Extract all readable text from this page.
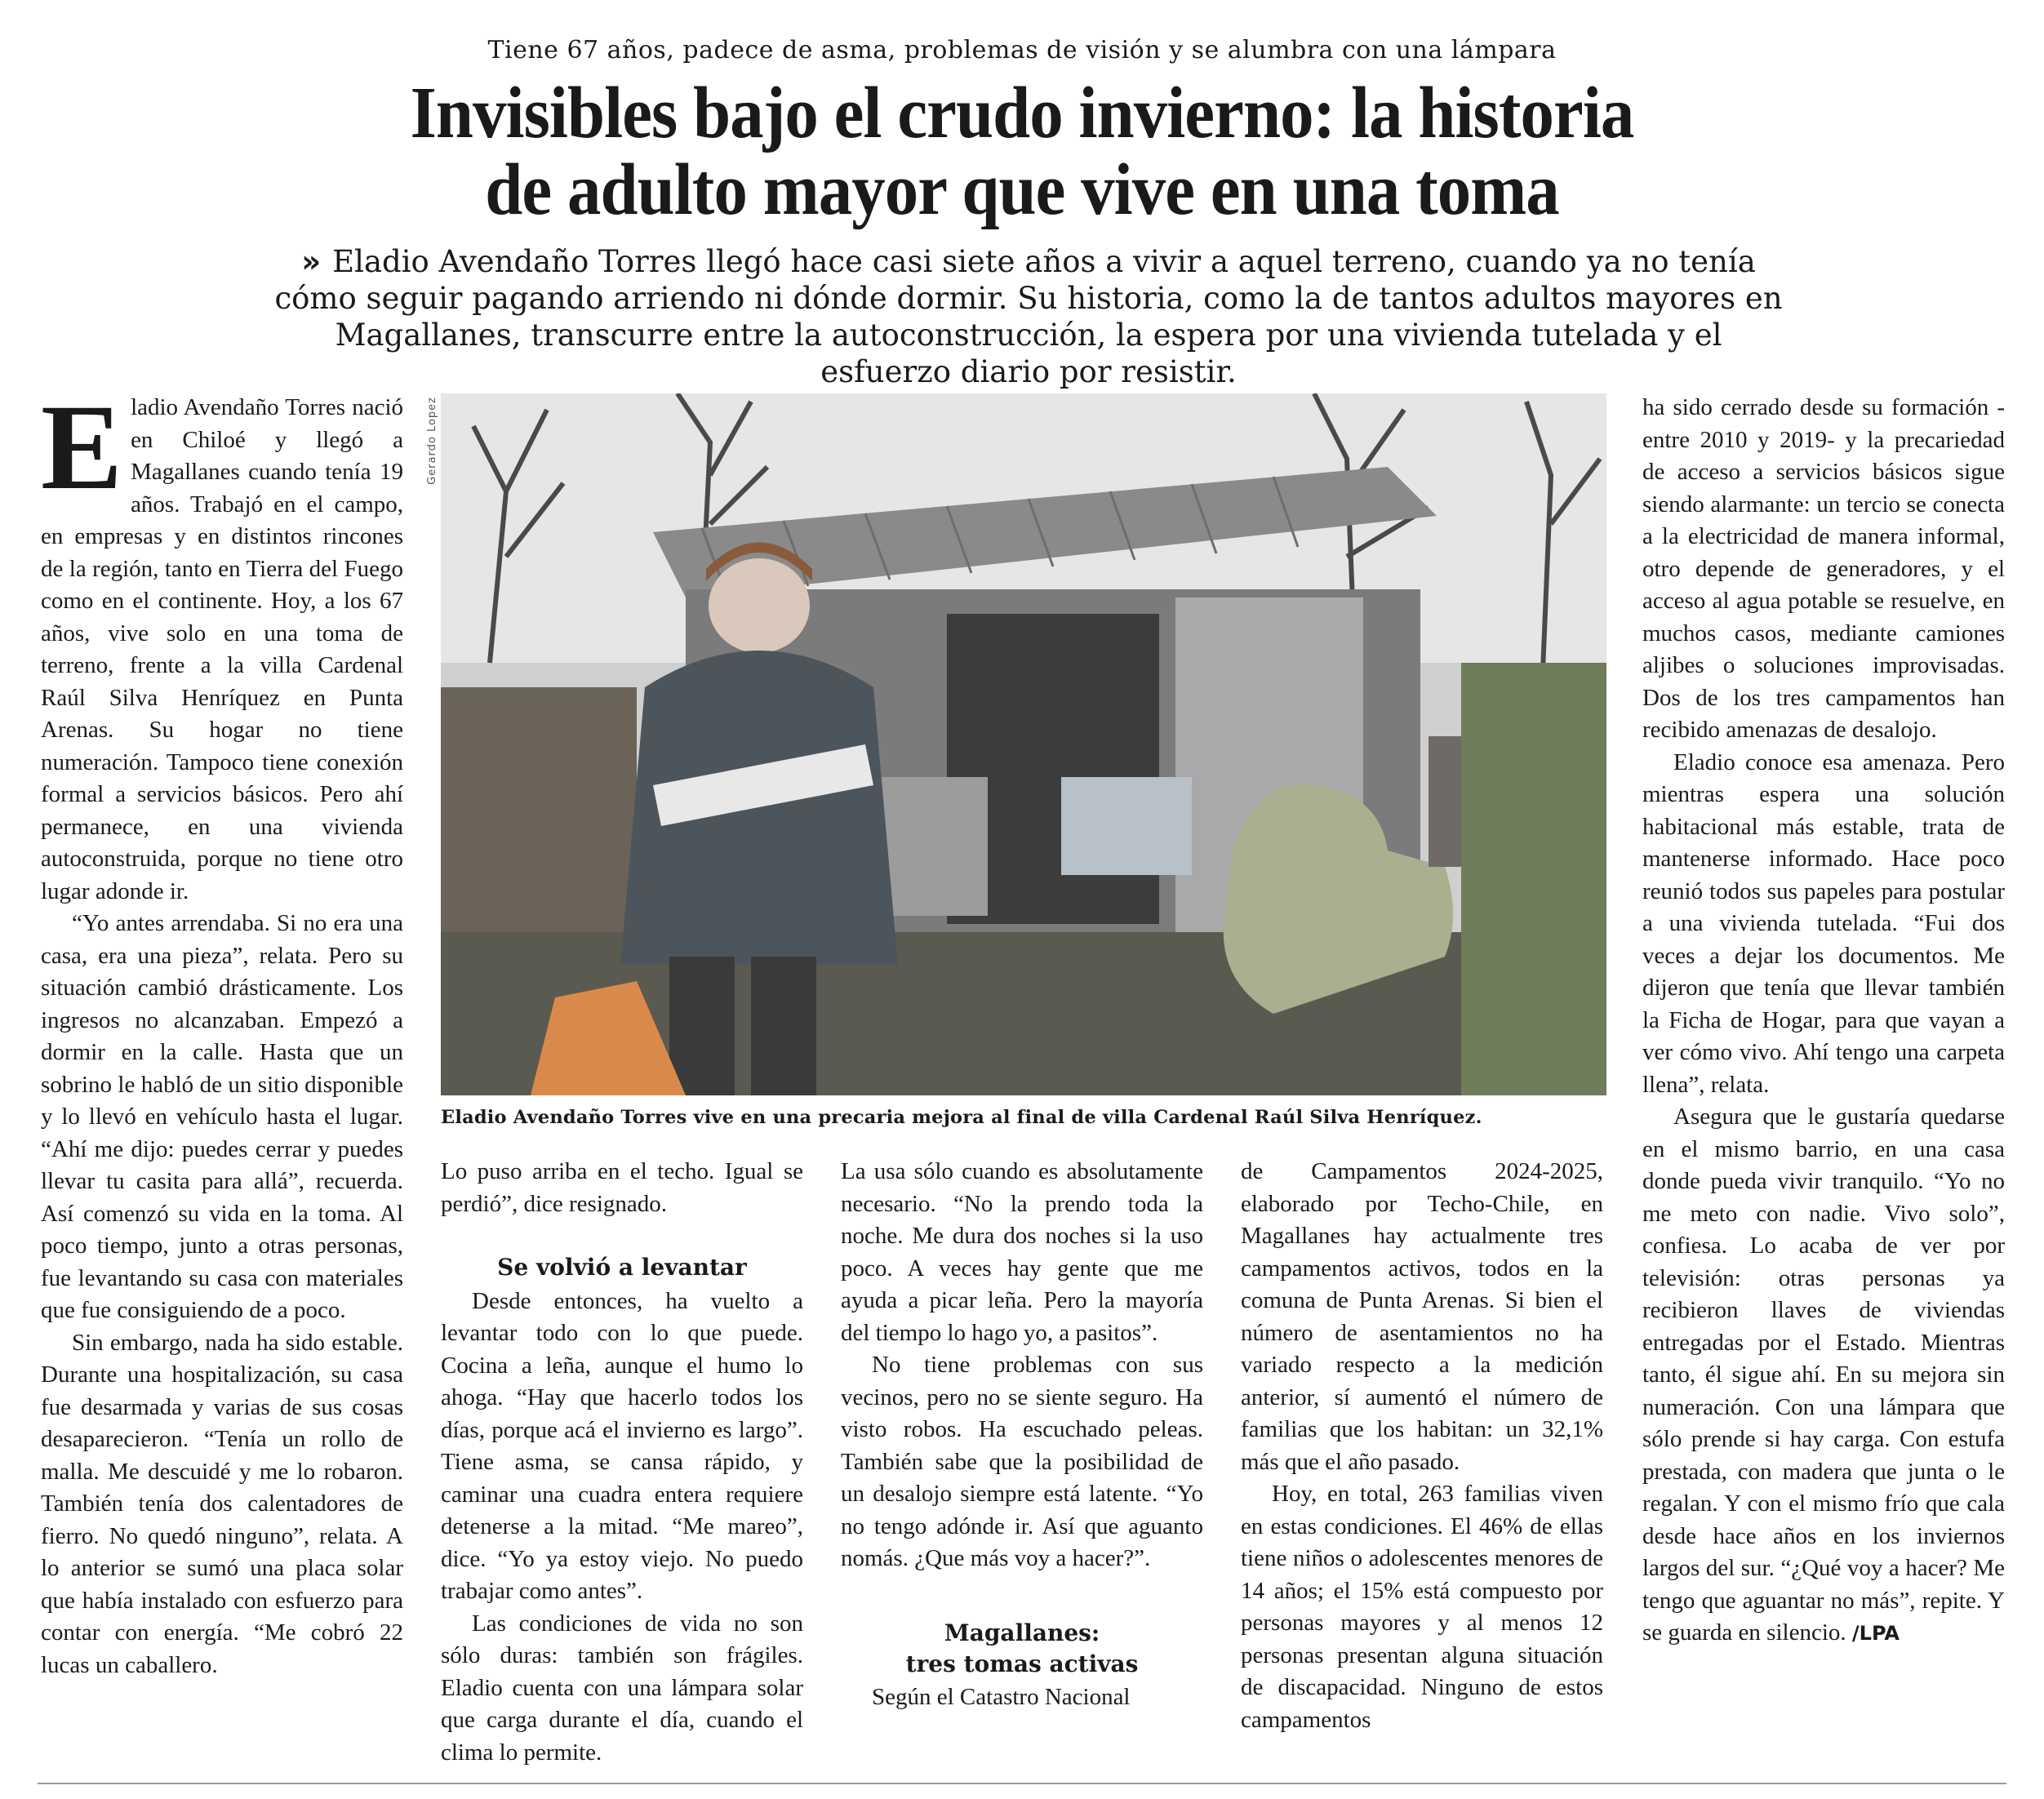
Tiene 67 años, padece de asma, problemas de visión y se alumbra con una lámpara
Invisibles bajo el crudo invierno: la historia
de adulto mayor que vive en una toma
» Eladio Avendaño Torres llegó hace casi siete años a vivir a aquel terreno, cuando ya no tenía cómo seguir pagando arriendo ni dónde dormir. Su historia, como la de tantos adultos mayores en Magallanes, transcurre entre la autoconstrucción, la espera por una vivienda tutelada y el esfuerzo diario por resistir.
E ladio Avendaño Torres nació en Chiloé y llegó a Magallanes cuando tenía 19 años. Trabajó en el campo, en empresas y en distintos rincones de la región, tanto en Tierra del Fuego como en el continente. Hoy, a los 67 años, vive solo en una toma de terreno, frente a la villa Cardenal Raúl Silva Henríquez en Punta Arenas. Su hogar no tiene numeración. Tampoco tiene conexión formal a servicios básicos. Pero ahí permanece, en una vivienda autoconstruida, porque no tiene otro lugar adonde ir.

“Yo antes arrendaba. Si no era una casa, era una pieza”, relata. Pero su situación cambió drásticamente. Los ingresos no alcanzaban. Empezó a dormir en la calle. Hasta que un sobrino le habló de un sitio disponible y lo llevó en vehículo hasta el lugar. “Ahí me dijo: puedes cerrar y puedes llevar tu casita para allá”, recuerda. Así comenzó su vida en la toma. Al poco tiempo, junto a otras personas, fue levantando su casa con materiales que fue consiguiendo de a poco.

Sin embargo, nada ha sido estable. Durante una hospitalización, su casa fue desarmada y varias de sus cosas desaparecieron. “Tenía un rollo de malla. Me descuidé y me lo robaron. También tenía dos calentadores de fierro. No quedó ninguno”, relata. A lo anterior se sumó una placa solar que había instalado con esfuerzo para contar con energía. “Me cobró 22 lucas un caballero.

Gerardo Lopez
Eladio Avendaño Torres vive en una precaria mejora al final de villa Cardenal Raúl Silva Henríquez.

Lo puso arriba en el techo. Igual se perdió”, dice resignado.

Se volvió a levantar

Desde entonces, ha vuelto a levantar todo con lo que puede. Cocina a leña, aunque el humo lo ahoga. “Hay que hacerlo todos los días, porque acá el invierno es largo”. Tiene asma, se cansa rápido, y caminar una cuadra entera requiere detenerse a la mitad. “Me mareo”, dice. “Yo ya estoy viejo. No puedo trabajar como antes”.

Las condiciones de vida no son sólo duras: también son frágiles. Eladio cuenta con una lámpara solar que carga durante el día, cuando el clima lo permite.

La usa sólo cuando es absolutamente necesario. “No la prendo toda la noche. Me dura dos noches si la uso poco. A veces hay gente que me ayuda a picar leña. Pero la mayoría del tiempo lo hago yo, a pasitos”.

No tiene problemas con sus vecinos, pero no se siente seguro. Ha visto robos. Ha escuchado peleas. También sabe que la posibilidad de un desalojo siempre está latente. “Yo no tengo adónde ir. Así que aguanto nomás. ¿Que más voy a hacer?”.

Magallanes:
tres tomas activas

Según el Catastro Nacional

de Campamentos 2024-2025, elaborado por Techo-Chile, en Magallanes hay actualmente tres campamentos activos, todos en la comuna de Punta Arenas. Si bien el número de asentamientos no ha variado respecto a la medición anterior, sí aumentó el número de familias que los habitan: un 32,1% más que el año pasado.

Hoy, en total, 263 familias viven en estas condiciones. El 46% de ellas tiene niños o adolescentes menores de 14 años; el 15% está compuesto por personas mayores y al menos 12 personas presentan alguna situación de discapacidad. Ninguno de estos campamentos

ha sido cerrado desde su formación -entre 2010 y 2019- y la precariedad de acceso a servicios básicos sigue siendo alarmante: un tercio se conecta a la electricidad de manera informal, otro depende de generadores, y el acceso al agua potable se resuelve, en muchos casos, mediante camiones aljibes o soluciones improvisadas. Dos de los tres campamentos han recibido amenazas de desalojo.

Eladio conoce esa amenaza. Pero mientras espera una solución habitacional más estable, trata de mantenerse informado. Hace poco reunió todos sus papeles para postular a una vivienda tutelada. “Fui dos veces a dejar los documentos. Me dijeron que tenía que llevar también la Ficha de Hogar, para que vayan a ver cómo vivo. Ahí tengo una carpeta llena”, relata.

Asegura que le gustaría quedarse en el mismo barrio, en una casa donde pueda vivir tranquilo. “Yo no me meto con nadie. Vivo solo”, confiesa. Lo acaba de ver por televisión: otras personas ya recibieron llaves de viviendas entregadas por el Estado. Mientras tanto, él sigue ahí. En su mejora sin numeración. Con una lámpara que sólo prende si hay carga. Con estufa prestada, con madera que junta o le regalan. Y con el mismo frío que cala desde hace años en los inviernos largos del sur. “¿Qué voy a hacer? Me tengo que aguantar no más”, repite. Y se guarda en silencio. /LPA
